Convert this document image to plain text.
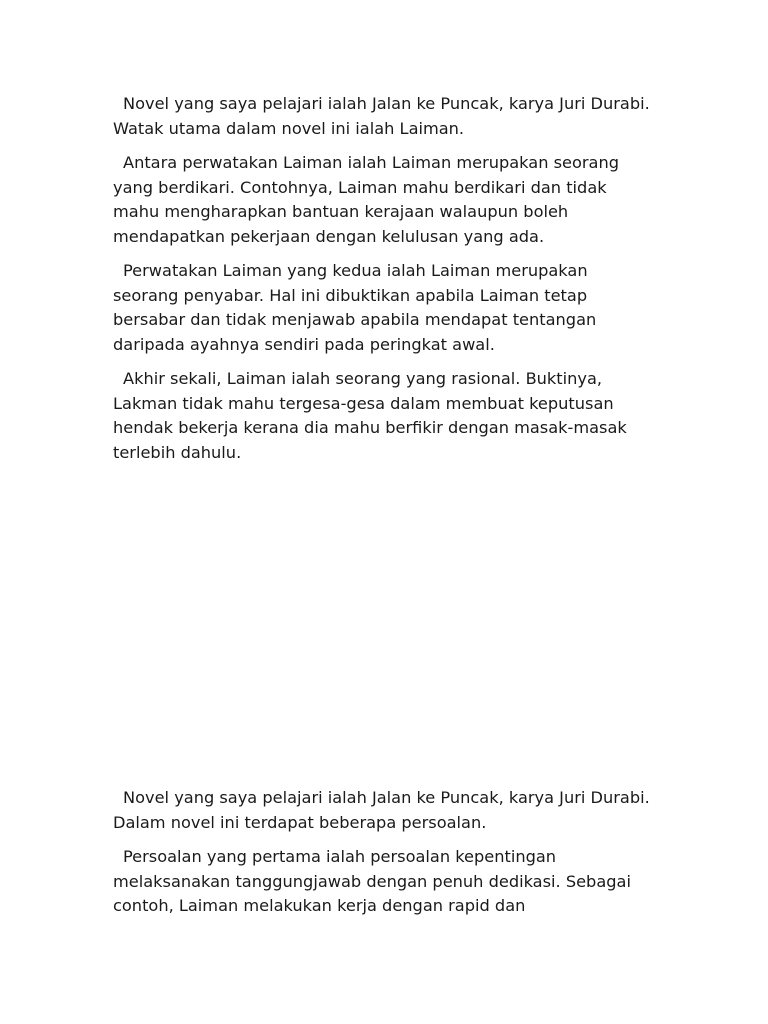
Novel yang saya pelajari ialah Jalan ke Puncak, karya Juri Durabi. Watak utama dalam novel ini ialah Laiman.

Antara perwatakan Laiman ialah Laiman merupakan seorang yang berdikari. Contohnya, Laiman mahu berdikari dan tidak mahu mengharapkan bantuan kerajaan walaupun boleh mendapatkan pekerjaan dengan kelulusan yang ada.

Perwatakan Laiman yang kedua ialah Laiman merupakan seorang penyabar. Hal ini dibuktikan apabila Laiman tetap bersabar dan tidak menjawab apabila mendapat tentangan daripada ayahnya sendiri pada peringkat awal.

Akhir sekali, Laiman ialah seorang yang rasional. Buktinya, Lakman tidak mahu tergesa-gesa dalam membuat keputusan hendak bekerja kerana dia mahu berfikir dengan masak-masak terlebih dahulu.

Novel yang saya pelajari ialah Jalan ke Puncak, karya Juri Durabi. Dalam novel ini terdapat beberapa persoalan.

Persoalan yang pertama ialah persoalan kepentingan melaksanakan tanggungjawab dengan penuh dedikasi. Sebagai contoh, Laiman melakukan kerja dengan rapid dan
